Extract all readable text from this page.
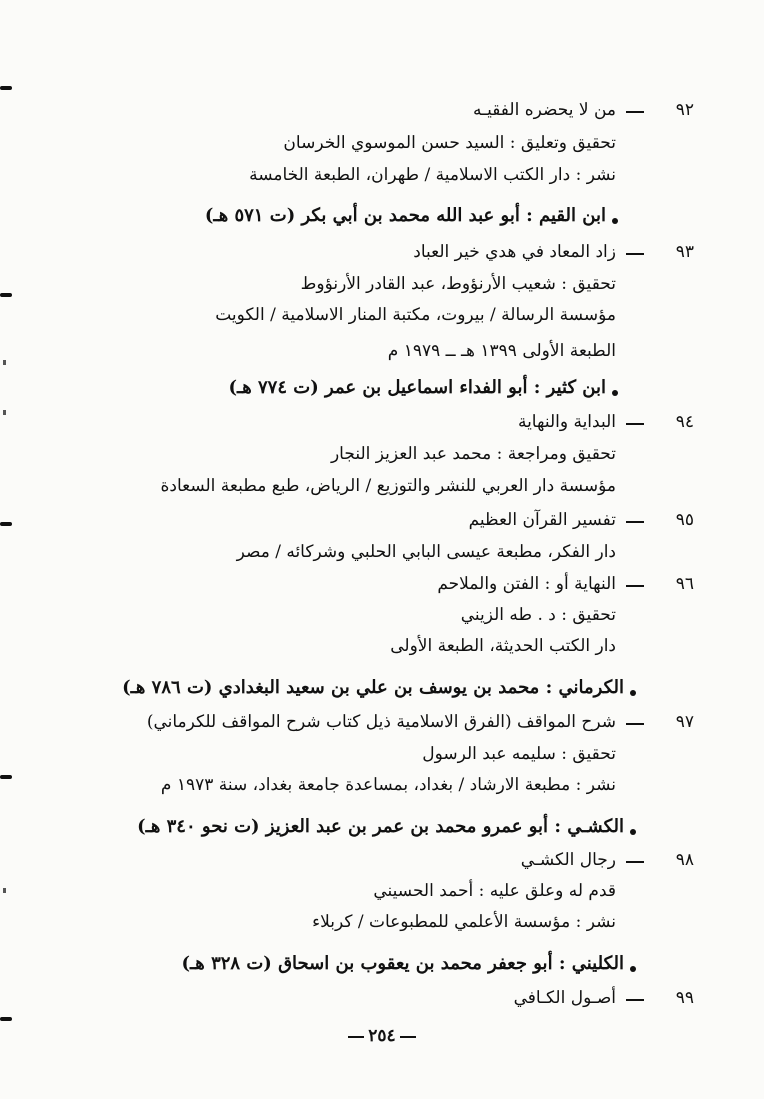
٩٢
من لا يحضره الفقيـه
تحقيق وتعليق : السيد حسن الموسوي الخرسان
نشر : دار الكتب الاسلامية / طهران، الطبعة الخامسة
ابن القيم : أبو عبد الله محمد بن أبي بكر (ت ٥٧١ هـ)
٩٣
زاد المعاد في هدي خير العباد
تحقيق : شعيب الأرنؤوط، عبد القادر الأرنؤوط
مؤسسة الرسالة / بيروت، مكتبة المنار الاسلامية / الكويت
الطبعة الأولى ١٣٩٩ هـ ــ ١٩٧٩ م
ابن كثير : أبو الفداء اسماعيل بن عمر (ت ٧٧٤ هـ)
٩٤
البداية والنهاية
تحقيق ومراجعة : محمد عبد العزيز النجار
مؤسسة دار العربي للنشر والتوزيع / الرياض، طبع مطبعة السعادة
٩٥
تفسير القرآن العظيم
دار الفكر، مطبعة عيسى البابي الحلبي وشركائه / مصر
٩٦
النهاية أو : الفتن والملاحم
تحقيق : د . طه الزيني
دار الكتب الحديثة، الطبعة الأولى
الكرماني : محمد بن يوسف بن علي بن سعيد البغدادي (ت ٧٨٦ هـ)
٩٧
شرح المواقف (الفرق الاسلامية ذيل كتاب شرح المواقف للكرماني)
تحقيق : سليمه عبد الرسول
نشر : مطبعة الارشاد / بغداد، بمساعدة جامعة بغداد، سنة ١٩٧٣ م
الكشـي : أبو عمرو محمد بن عمر بن عبد العزيز (ت نحو ٣٤٠ هـ)
٩٨
رجال الكشـي
قدم له وعلق عليه : أحمد الحسيني
نشر : مؤسسة الأعلمي للمطبوعات / كربلاء
الكليني : أبو جعفر محمد بن يعقوب بن اسحاق (ت ٣٢٨ هـ)
٩٩
أصـول الكـافي
٢٥٤
